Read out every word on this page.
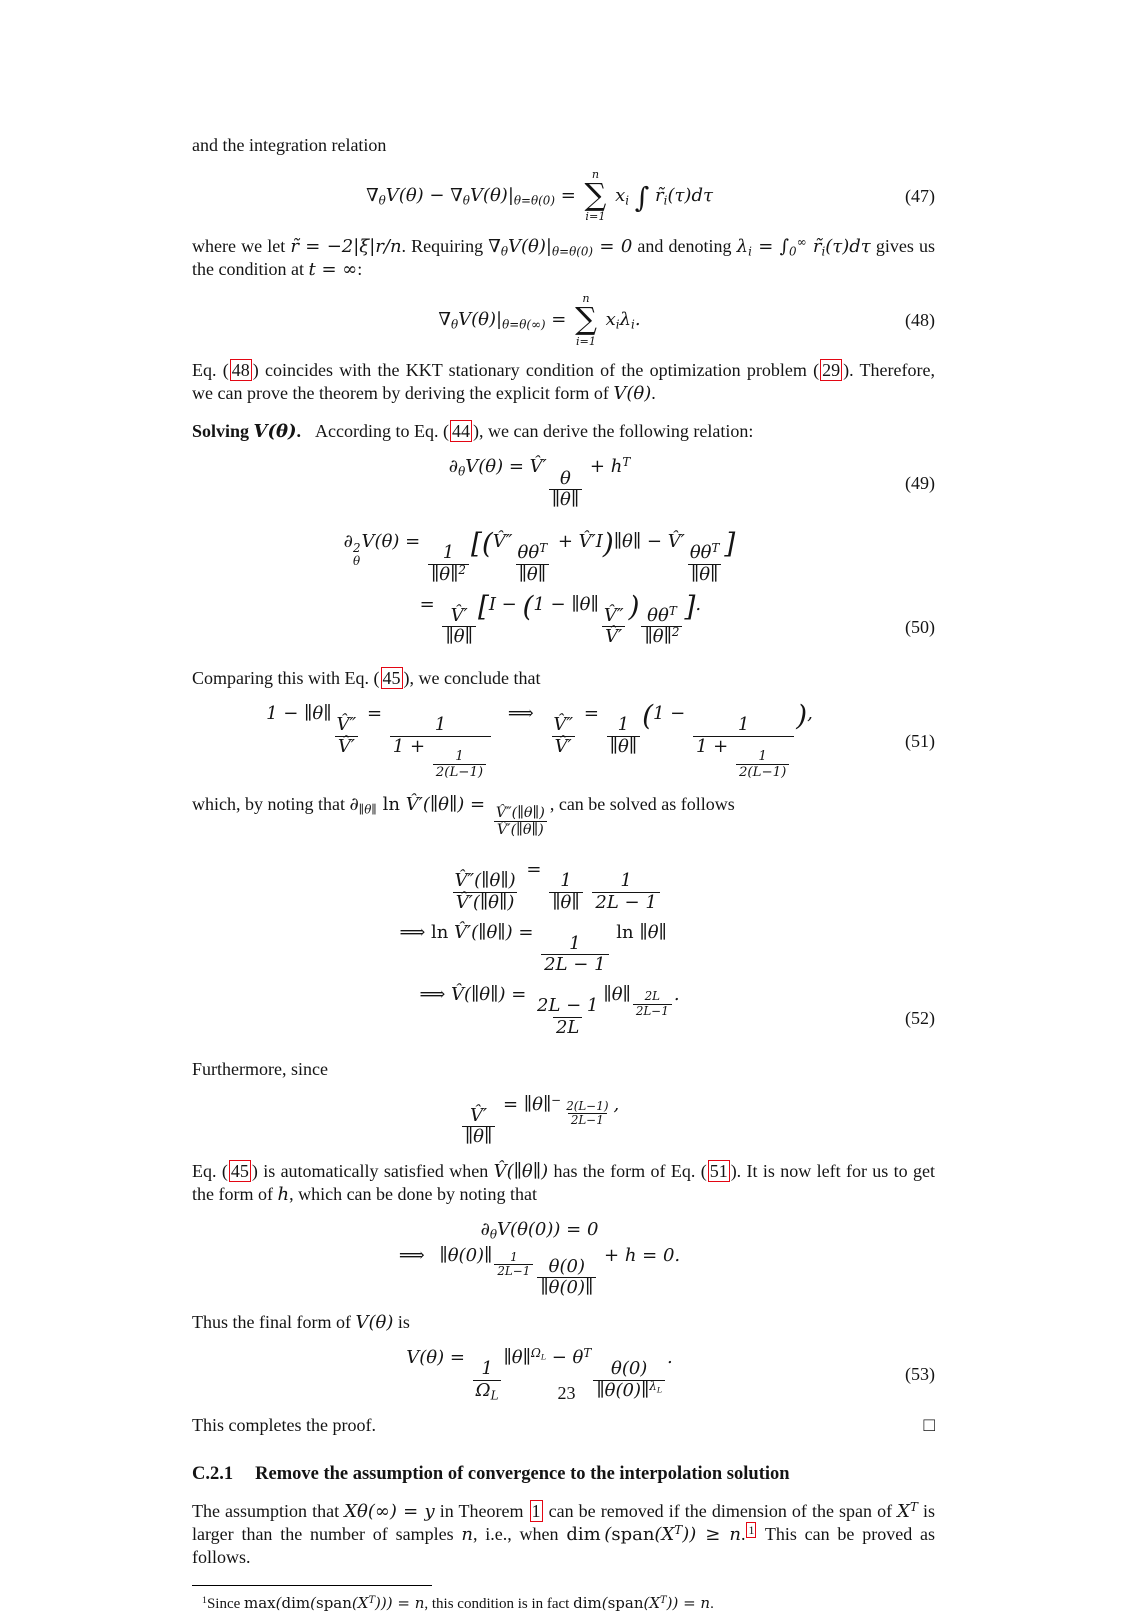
and the integration relation

∇θV(θ) − ∇θV(θ)|θ=θ(0) =
n
∑
i=1
xi ∫ r̃i(τ)dτ	(47)

where we let r̃ = −2|ξ|r/n. Requiring ∇θV(θ)|θ=θ(0) = 0 and denoting λi = ∫0∞ r̃i(τ)dτ gives us the condition at t = ∞:

∇θV(θ)|θ=θ(∞) =
n
∑
i=1
xiλi.	(48)

Eq. ( 48 ) coincides with the KKT stationary condition of the optimization problem ( 29 ). Therefore, we can prove the theorem by deriving the explicit form of V(θ).

Solving V(θ). According to Eq. ( 44 ), we can derive the following relation:

∂θV(θ) = V̂′
$\frac{\theta}{\parallel\theta\parallel}$
+ $h^T$
(49)
∂ 2
θ
V(θ) =
$\frac{1}{\parallel\theta\parallel^2}$ [(V̂″
$\theta\theta^T$
∥θ∥
+ V̂′I)∥θ∥ − V̂′
$\theta\theta^T$
∥θ∥
]
=
$\frac{V̂'}{\parallel\theta\parallel} [I - (1$ − ∥θ∥
$\frac{V̂''}{V̂'}$ ) $\theta\theta^T$
∥θ∥$^2$
].
(50)

Comparing this with Eq. ( 45 ), we conclude that

1 − ∥θ∥
$\frac{V̂''}{V̂'}$
=
1
1 +
$\frac{1}{2(L-1)}$
 ⟹ 
$\frac{V̂''}{V̂'}$
=
$\frac{1}{\parallel\theta\parallel} (1$ −
1
1 +
$\frac{1}{2(L-1)}$ ),
(51)

which, by noting that ∂∥θ∥ ln V̂′(∥θ∥) =
$\frac{V̂''(\parallel\theta\parallel)}{V̂'(\parallel\theta\parallel)}$
, can be solved as follows

$\frac{V̂''(\parallel\theta\parallel)}{V̂'(\parallel\theta\parallel)}$
=
$\frac{1}{\parallel\theta\parallel}$
$\frac{1}{2L - 1}$
⟹ ln V̂′(∥θ∥) =
$\frac{1}{2L - 1}$
ln ∥θ∥
⟹ V̂(∥θ∥) =
$\frac{2L - 1}{2L}$
∥θ∥ $^{\frac{2L}{2L-1}}$ .
(52)

Furthermore, since

$\frac{V̂'}{\parallel\theta\parallel}$
= ∥θ∥$^{- \frac{2(L-1)}{2L-1}}$ ,

Eq. ( 45 ) is automatically satisfied when V̂(∥θ∥) has the form of Eq. ( 51 ). It is now left for us to get the form of h, which can be done by noting that

∂θV(θ(0)) = 0
⟹  ∥θ(0)∥ $^{\frac{1}{2L-1}} \frac{\theta(0)}{\parallel\theta(0)\parallel}$
+ h = 0.

Thus the final form of V(θ) is

V(θ) =
$\frac{1}{\Omega L}$
∥θ∥$^{\Omega L}$ − $\theta^T$
$\frac{\theta(0)}{\parallel\theta(0)\parallel^{\lambda L}}$
.
(53)
This completes the proof.	□
C.2.1 Remove the assumption of convergence to the interpolation solution

The assumption that Xθ(∞) = y in Theorem 1 can be removed if the dimension of the span of $X^T$ is larger than the number of samples n, i.e., when dim $(span(X^T)) \ge n$. $^1$ This can be proved as follows.

$^1$Since $\max(dim(span(X^T))) = n$, this condition is in fact $dim(span(X^T)) = n$.
23
